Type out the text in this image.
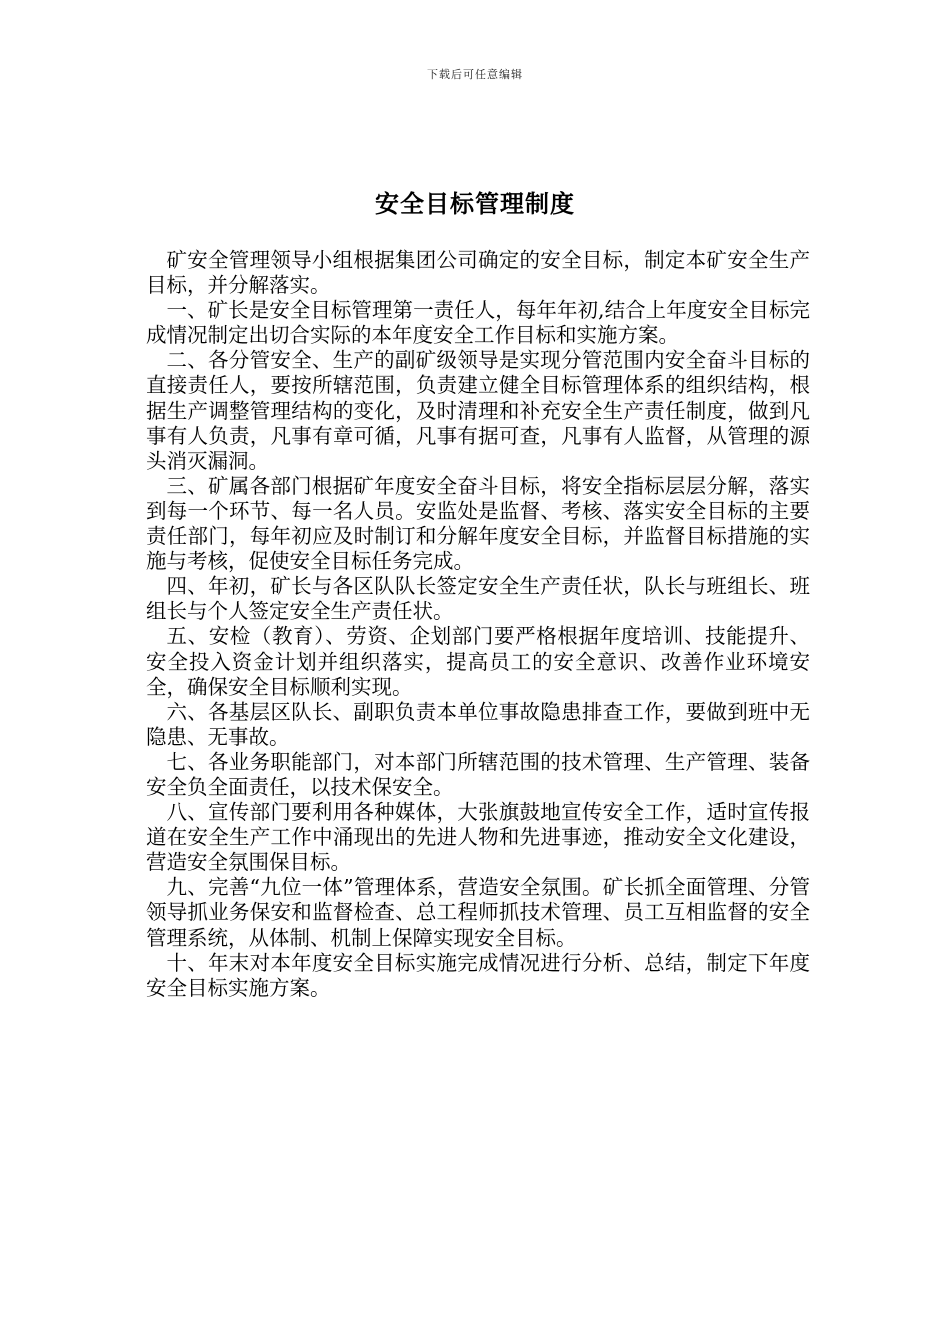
下载后可任意编辑
安全目标管理制度

矿安全管理领导小组根据集团公司确定的安全目标，制定本矿安全生产目标，并分解落实。

一、矿长是安全目标管理第一责任人，每年年初,结合上年度安全目标完成情况制定出切合实际的本年度安全工作目标和实施方案。

二、各分管安全、生产的副矿级领导是实现分管范围内安全奋斗目标的直接责任人，要按所辖范围，负责建立健全目标管理体系的组织结构，根据生产调整管理结构的变化，及时清理和补充安全生产责任制度，做到凡事有人负责，凡事有章可循，凡事有据可查，凡事有人监督，从管理的源头消灭漏洞。

三、矿属各部门根据矿年度安全奋斗目标，将安全指标层层分解，落实到每一个环节、每一名人员。安监处是监督、考核、落实安全目标的主要责任部门，每年初应及时制订和分解年度安全目标，并监督目标措施的实施与考核，促使安全目标任务完成。

四、年初，矿长与各区队队长签定安全生产责任状，队长与班组长、班组长与个人签定安全生产责任状。

五、安检（教育）、劳资、企划部门要严格根据年度培训、技能提升、安全投入资金计划并组织落实，提高员工的安全意识、改善作业环境安全，确保安全目标顺利实现。

六、各基层区队长、副职负责本单位事故隐患排查工作，要做到班中无隐患、无事故。

七、各业务职能部门，对本部门所辖范围的技术管理、生产管理、装备安全负全面责任，以技术保安全。

八、宣传部门要利用各种媒体，大张旗鼓地宣传安全工作，适时宣传报道在安全生产工作中涌现出的先进人物和先进事迹，推动安全文化建设，营造安全氛围保目标。

九、完善“九位一体”管理体系，营造安全氛围。矿长抓全面管理、分管领导抓业务保安和监督检查、总工程师抓技术管理、员工互相监督的安全管理系统，从体制、机制上保障实现安全目标。

十、年末对本年度安全目标实施完成情况进行分析、总结，制定下年度安全目标实施方案。
